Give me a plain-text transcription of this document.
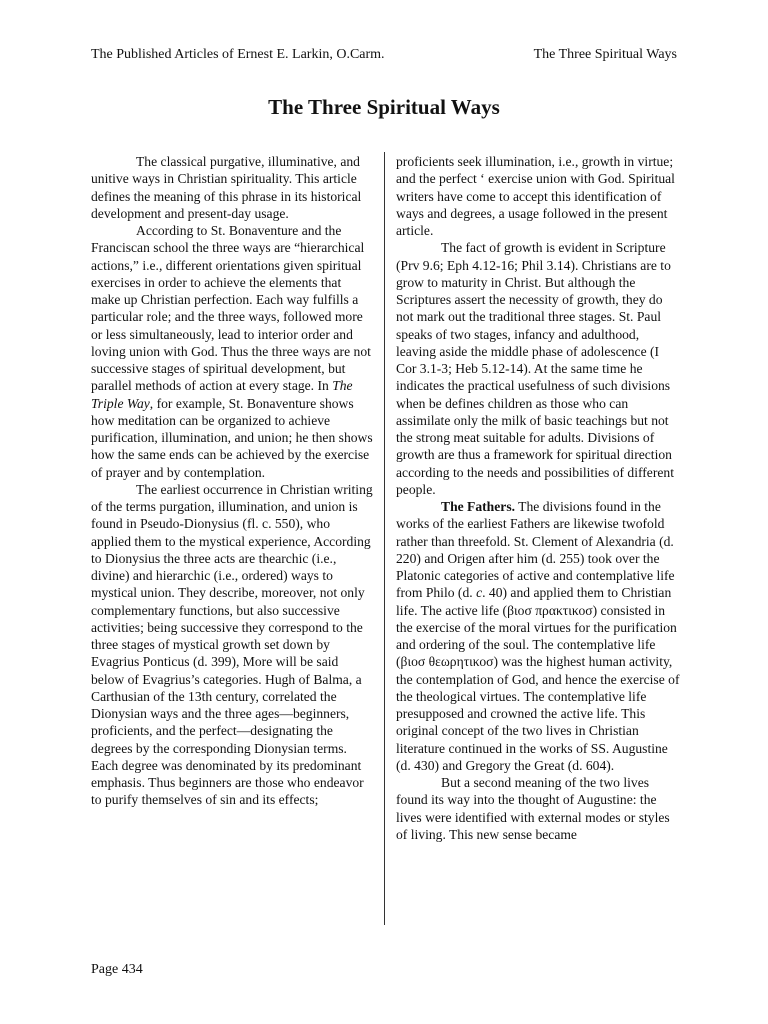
The Published Articles of Ernest E. Larkin, O.Carm.	The Three Spiritual Ways
The Three Spiritual Ways

The classical purgative, illuminative, and unitive ways in Christian spirituality. This article defines the meaning of this phrase in its historical development and present-day usage.

According to St. Bonaventure and the Franciscan school the three ways are “hierarchical actions,” i.e., different orientations given spiritual exercises in order to achieve the elements that make up Christian perfection. Each way fulfills a particular role; and the three ways, followed more or less simultaneously, lead to interior order and loving union with God. Thus the three ways are not successive stages of spiritual development, but parallel methods of action at every stage. In The Triple Way, for example, St. Bonaventure shows how meditation can be organized to achieve purification, illumination, and union; he then shows how the same ends can be achieved by the exercise of prayer and by contemplation.

The earliest occurrence in Christian writing of the terms purgation, illumination, and union is found in Pseudo-Dionysius (fl. c. 550), who applied them to the mystical experience, According to Dionysius the three acts are thearchic (i.e., divine) and hierarchic (i.e., ordered) ways to mystical union. They describe, moreover, not only complementary functions, but also successive activities; being successive they correspond to the three stages of mystical growth set down by Evagrius Ponticus (d. 399), More will be said below of Evagrius’s categories. Hugh of Balma, a Carthusian of the 13th century, correlated the Dionysian ways and the three ages—beginners, proficients, and the perfect—designating the degrees by the corresponding Dionysian terms. Each degree was denominated by its predominant emphasis. Thus beginners are those who endeavor to purify themselves of sin and its effects;

proficients seek illumination, i.e., growth in virtue; and the perfect ‘ exercise union with God. Spiritual writers have come to accept this identification of ways and degrees, a usage followed in the present article.

The fact of growth is evident in Scripture (Prv 9.6; Eph 4.12-16; Phil 3.14). Christians are to grow to maturity in Christ. But although the Scriptures assert the necessity of growth, they do not mark out the traditional three stages. St. Paul speaks of two stages, infancy and adulthood, leaving aside the middle phase of adolescence (I Cor 3.1-3; Heb 5.12-14). At the same time he indicates the practical usefulness of such divisions when be defines children as those who can assimilate only the milk of basic teachings but not the strong meat suitable for adults. Divisions of growth are thus a framework for spiritual direction according to the needs and possibilities of different people.

The Fathers. The divisions found in the works of the earliest Fathers are likewise twofold rather than threefold. St. Clement of Alexandria (d. 220) and Origen after him (d. 255) took over the Platonic categories of active and contemplative life from Philo (d. c. 40) and applied them to Christian life. The active life (βιοσ πρακτικοσ) consisted in the exercise of the moral virtues for the purification and ordering of the soul. The contemplative life (βιοσ θεωρητικοσ) was the highest human activity, the contemplation of God, and hence the exercise of the theological virtues. The contemplative life presupposed and crowned the active life. This original concept of the two lives in Christian literature continued in the works of SS. Augustine (d. 430) and Gregory the Great (d. 604).

But a second meaning of the two lives found its way into the thought of Augustine: the lives were identified with external modes or styles of living. This new sense became

Page 434
